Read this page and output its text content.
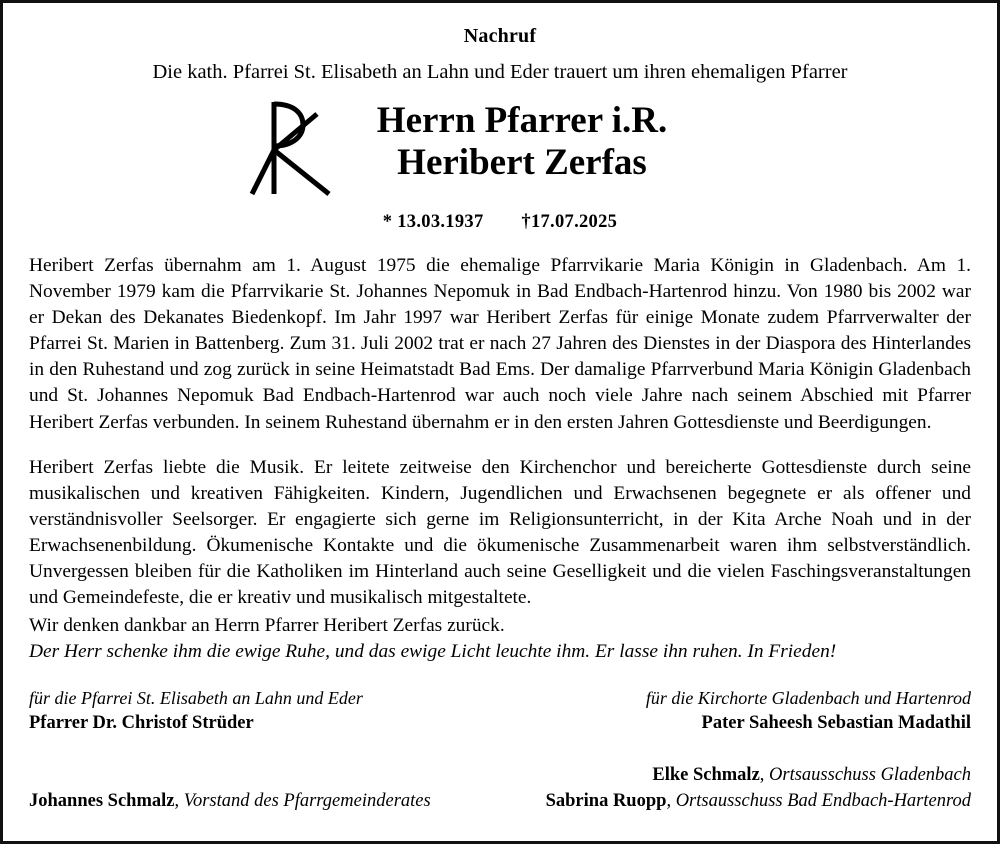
Nachruf
Die kath. Pfarrei St. Elisabeth an Lahn und Eder trauert um ihren ehemaligen Pfarrer
Herrn Pfarrer i.R.
Heribert Zerfas
* 13.03.1937 †17.07.2025

Heribert Zerfas übernahm am 1. August 1975 die ehemalige Pfarrvikarie Maria Königin in Gladenbach. Am 1. November 1979 kam die Pfarrvikarie St. Johannes Nepomuk in Bad Endbach-Hartenrod hinzu. Von 1980 bis 2002 war er Dekan des Dekanates Biedenkopf. Im Jahr 1997 war Heribert Zerfas für einige Monate zudem Pfarrverwalter der Pfarrei St. Marien in Battenberg. Zum 31. Juli 2002 trat er nach 27 Jahren des Dienstes in der Diaspora des Hinterlandes in den Ruhestand und zog zurück in seine Heimatstadt Bad Ems. Der damalige Pfarrverbund Maria Königin Gladenbach und St. Johannes Nepomuk Bad Endbach-Hartenrod war auch noch viele Jahre nach seinem Abschied mit Pfarrer Heribert Zerfas verbunden. In seinem Ruhestand übernahm er in den ersten Jahren Gottesdienste und Beerdigungen.

Heribert Zerfas liebte die Musik. Er leitete zeitweise den Kirchenchor und bereicherte Gottesdienste durch seine musikalischen und kreativen Fähigkeiten. Kindern, Jugendlichen und Erwachsenen begegnete er als offener und verständnisvoller Seelsorger. Er engagierte sich gerne im Religionsunterricht, in der Kita Arche Noah und in der Erwachsenenbildung. Ökumenische Kontakte und die ökumenische Zusammenarbeit waren ihm selbstverständlich. Unvergessen bleiben für die Katholiken im Hinterland auch seine Geselligkeit und die vielen Faschingsveranstaltungen und Gemeindefeste, die er kreativ und musikalisch mitgestaltete.

Wir denken dankbar an Herrn Pfarrer Heribert Zerfas zurück.
Der Herr schenke ihm die ewige Ruhe, und das ewige Licht leuchte ihm. Er lasse ihn ruhen. In Frieden!
für die Pfarrei St. Elisabeth an Lahn und Eder
Pfarrer Dr. Christof Strüder
für die Kirchorte Gladenbach und Hartenrod
Pater Saheesh Sebastian Madathil
Johannes Schmalz, Vorstand des Pfarrgemeinderates
Elke Schmalz, Ortsausschuss Gladenbach
Sabrina Ruopp, Ortsausschuss Bad Endbach-Hartenrod
